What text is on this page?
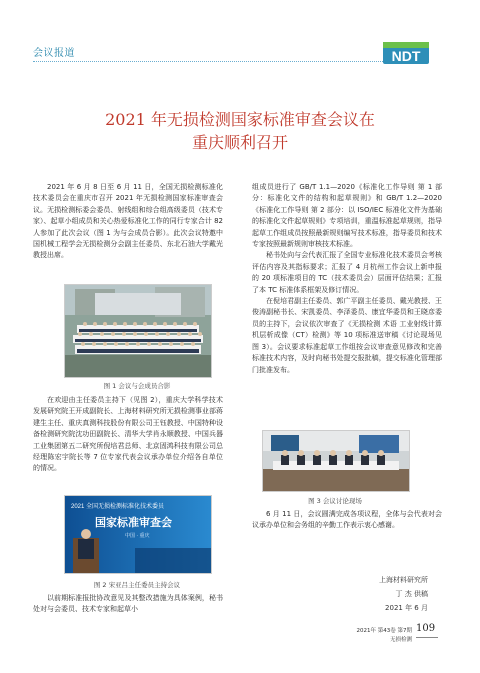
会议报道	NDT
2021 年无损检测国家标准审查会议在
重庆顺利召开

2021 年 6 月 8 日至 6 月 11 日，全国无损检测标准化技术委员会在重庆市召开 2021 年无损检测国家标准审查会议。无损检测标委会委员、射线组和综合组高级委员（技术专家）、起草小组成员和关心热爱标准化工作的同行专家合计 82 人参加了此次会议（图 1 为与会成员合影）。此次会议特邀中国机械工程学会无损检测分会副主任委员、东北石油大学戴光教授出席。

图 1 会议与会成员合影

在欢迎由主任委员主持下（见图 2），重庆大学科学技术发展研究院王开成副院长、上海材料研究所无损检测事业部蒋建生主任、重庆真测科技股份有限公司王钰教授、中国特种设备检测研究院沈功田副院长、清华大学肖永顺教授、中国兵器工业集团第五二研究所倪培君总师、北京固鸿科技有限公司总经理陈宏宇院长等 7 位专家代表会议承办单位介绍各自单位的情况。

2021 全国无损检测标准化技术委员
国家标准审查会
中国 · 重庆
图 2 宋亚吕主任委员主持会议

以前期标准报批协改意见及其整改措施为具体案例，秘书处对与会委员、技术专家和起草小

组成员进行了 GB/T 1.1—2020《标准化工作导则 第 1 部分：标准化文件的结构和起草规则》和 GB/T 1.2—2020《标准化工作导则 第 2 部分：以 ISO/IEC 标准化文件为基础的标准化文件起草规则》专项培训，重温标准起草规则，指导起草工作组成员按照最新规则编写技术标准，指导委员和技术专家按照最新规则审核技术标准。

秘书处向与会代表汇报了全国专业标准化技术委员会考核评估内容及其指标要求；汇报了 4 月杭州工作会议上新申报的 20 项标准项目的 TC（技术委员会）层面评估结果；汇报了本 TC 标准体系框架及修订情况。

在倪培君副主任委员、郭广平副主任委员、戴光教授、王俊涛副秘书长、宋凯委员、李泽委员、康宜华委员和王晓彦委员的主持下，会议依次审查了《无损检测 术语 工业射线计算机层析成像（CT）检测》等 10 项标准送审稿《讨论现场见图 3）。会议要求标准起草工作组按会议审查意见修改和完善标准技术内容，及时向秘书处提交报批稿，提交标准化管理部门批准发布。

图 3 会议讨论现场

6 月 11 日，会议圆满完成各项议程，全体与会代表对会议承办单位和会务组的辛勤工作表示衷心感谢。

上海材料研究所
丁 杰 供稿
2021 年 6 月
109
2021年 第43卷 第7期
无损检测
